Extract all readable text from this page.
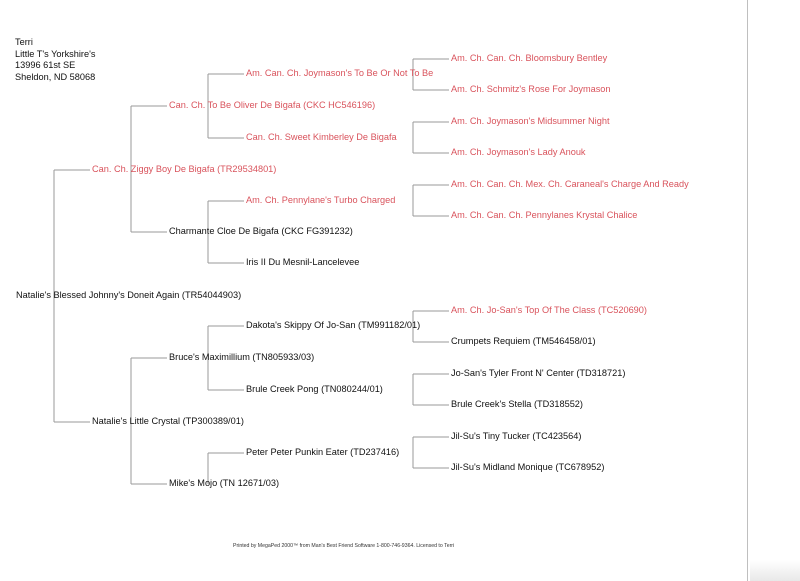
Terri
Little T's Yorkshire's
13996 61st SE
Sheldon, ND 58068
Natalie's Blessed Johnny's Doneit Again (TR54044903)
Can. Ch. Ziggy Boy De Bigafa (TR29534801)
Natalie's Little Crystal (TP300389/01)
Can. Ch. To Be Oliver De Bigafa (CKC HC546196)
Charmante Cloe De Bigafa (CKC FG391232)
Bruce's Maximillium (TN805933/03)
Mike's Mojo (TN 12671/03)
Am. Can. Ch. Joymason's To Be Or Not To Be
Can. Ch. Sweet Kimberley De Bigafa
Am. Ch. Pennylane's Turbo Charged
Iris II Du Mesnil-Lancelevee
Dakota's Skippy Of Jo-San (TM991182/01)
Brule Creek Pong (TN080244/01)
Peter Peter Punkin Eater (TD237416)
Am. Ch. Can. Ch. Bloomsbury Bentley
Am. Ch. Schmitz's Rose For Joymason
Am. Ch. Joymason's Midsummer Night
Am. Ch. Joymason's Lady Anouk
Am. Ch. Can. Ch. Mex. Ch. Caraneal's Charge And Ready
Am. Ch. Can. Ch. Pennylanes Krystal Chalice
Am. Ch. Jo-San's Top Of The Class (TC520690)
Crumpets Requiem (TM546458/01)
Jo-San's Tyler Front N' Center (TD318721)
Brule Creek's Stella (TD318552)
Jil-Su's Tiny Tucker (TC423564)
Jil-Su's Midland Monique (TC678952)
Printed by MegaPed 2000™ from Man's Best Friend Software 1-800-746-9364. Licensed to Terri
